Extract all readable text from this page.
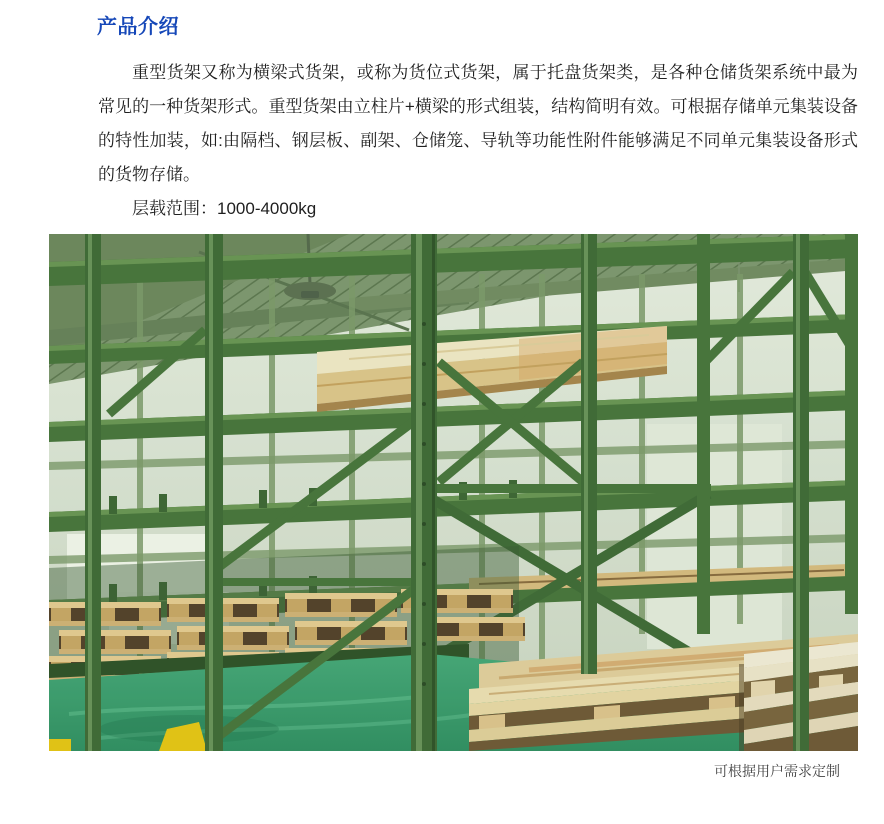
产品介绍

重型货架又称为横梁式货架，或称为货位式货架，属于托盘货架类，是各种仓储货架系统中最为常见的一种货架形式。重型货架由立柱片+横梁的形式组装，结构简明有效。可根据存储单元集装设备的特性加装，如:由隔档、钢层板、副架、仓储笼、导轨等功能性附件能够满足不同单元集装设备形式的货物存储。

层载范围：1000-4000kg

可根据用户需求定制
